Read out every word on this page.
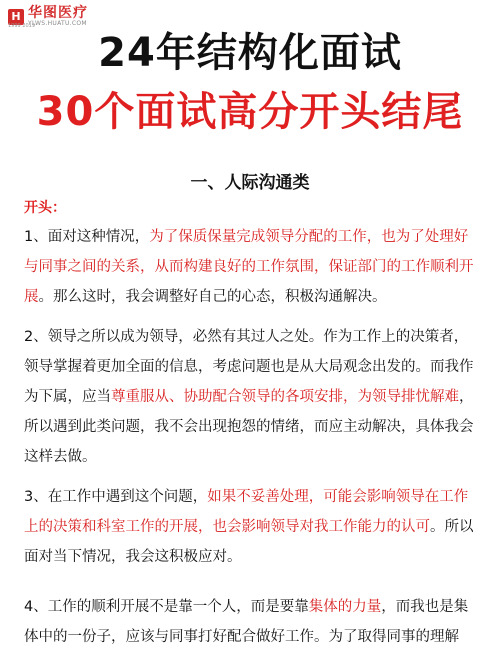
H 华图医疗
YLWS.HUATU.COM
1999 2019
24年结构化面试
30个面试高分开头结尾
一、人际沟通类
开头：
1、面对这种情况，为了保质保量完成领导分配的工作，也为了处理好与同事之间的关系，从而构建良好的工作氛围，保证部门的工作顺利开展。那么这时，我会调整好自己的心态，积极沟通解决。
2、领导之所以成为领导，必然有其过人之处。作为工作上的决策者，领导掌握着更加全面的信息，考虑问题也是从大局观念出发的。而我作为下属，应当尊重服从、协助配合领导的各项安排，为领导排忧解难，所以遇到此类问题，我不会出现抱怨的情绪，而应主动解决，具体我会这样去做。
3、在工作中遇到这个问题，如果不妥善处理，可能会影响领导在工作上的决策和科室工作的开展，也会影响领导对我工作能力的认可。所以面对当下情况，我会这积极应对。
4、工作的顺利开展不是靠一个人，而是要靠集体的力量，而我也是集体中的一份子，应该与同事打好配合做好工作。为了取得同事的理解
